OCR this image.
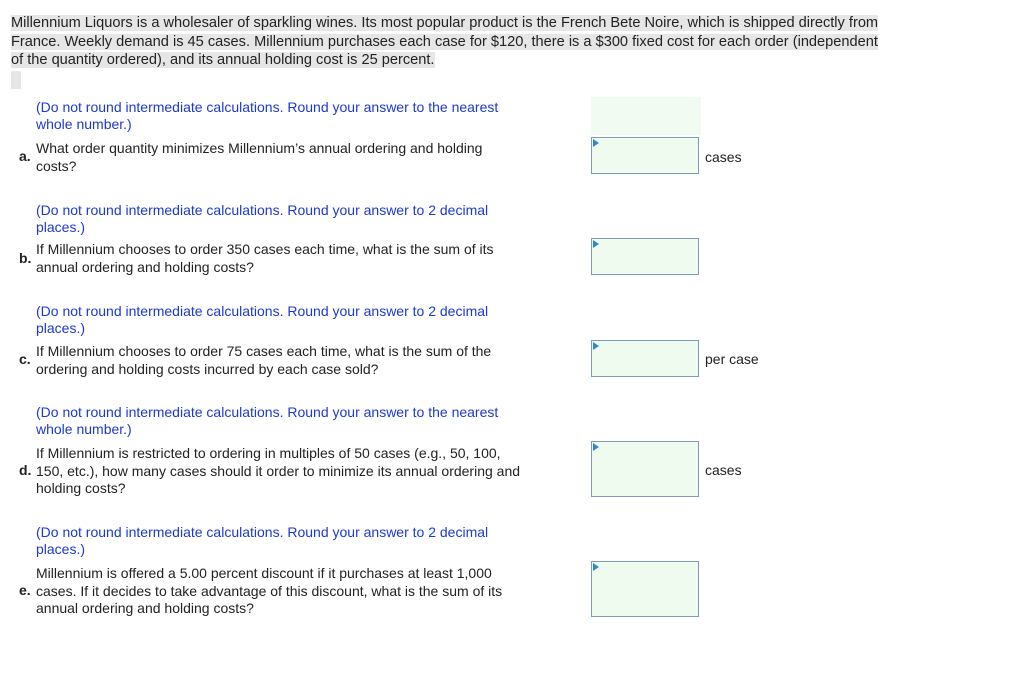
Millennium Liquors is a wholesaler of sparkling wines. Its most popular product is the French Bete Noire, which is shipped directly from
France. Weekly demand is 45 cases. Millennium purchases each case for $120, there is a $300 fixed cost for each order (independent
of the quantity ordered), and its annual holding cost is 25 percent.
(Do not round intermediate calculations. Round your answer to the nearest
whole number.)
a. What order quantity minimizes Millennium’s annual ordering and holding
costs?
cases
(Do not round intermediate calculations. Round your answer to 2 decimal
places.)
b.
If Millennium chooses to order 350 cases each time, what is the sum of its
annual ordering and holding costs?
(Do not round intermediate calculations. Round your answer to 2 decimal
places.)
c. If Millennium chooses to order 75 cases each time, what is the sum of the
ordering and holding costs incurred by each case sold?
per case
(Do not round intermediate calculations. Round your answer to the nearest
whole number.)
d.
If Millennium is restricted to ordering in multiples of 50 cases (e.g., 50, 100,
150, etc.), how many cases should it order to minimize its annual ordering and
holding costs?
cases
(Do not round intermediate calculations. Round your answer to 2 decimal
places.)
e.
Millennium is offered a 5.00 percent discount if it purchases at least 1,000
cases. If it decides to take advantage of this discount, what is the sum of its
annual ordering and holding costs?
